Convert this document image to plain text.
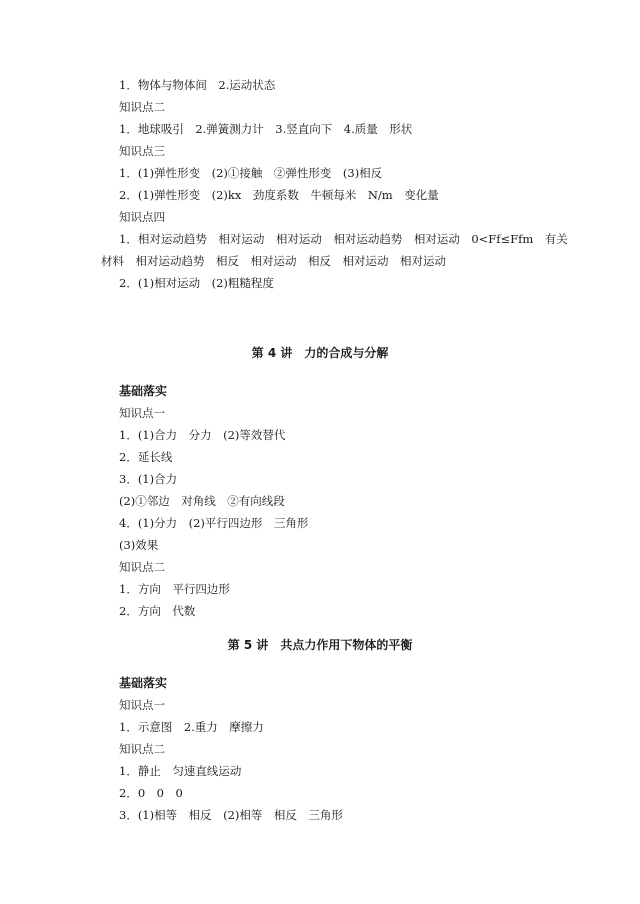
1．物体与物体间　2.运动状态
知识点二
1．地球吸引　2.弹簧测力计　3.竖直向下　4.质量　形状
知识点三
1．(1)弹性形变　(2)①接触　②弹性形变　(3)相反
2．(1)弹性形变　(2)kx　劲度系数　牛顿每米　N/m　变化量
知识点四
1．相对运动趋势　相对运动　相对运动　相对运动趋势　相对运动　0<Ff≤Ffm　有关
材料　相对运动趋势　相反　相对运动　相反　相对运动　相对运动
2．(1)相对运动　(2)粗糙程度
第 4 讲　力的合成与分解
基础落实
知识点一
1．(1)合力　分力　(2)等效替代
2．延长线
3．(1)合力
(2)①邻边　对角线　②有向线段
4．(1)分力　(2)平行四边形　三角形
(3)效果
知识点二
1．方向　平行四边形
2．方向　代数
第 5 讲　共点力作用下物体的平衡
基础落实
知识点一
1．示意图　2.重力　摩擦力
知识点二
1．静止　匀速直线运动
2．0　0　0
3．(1)相等　相反　(2)相等　相反　三角形
